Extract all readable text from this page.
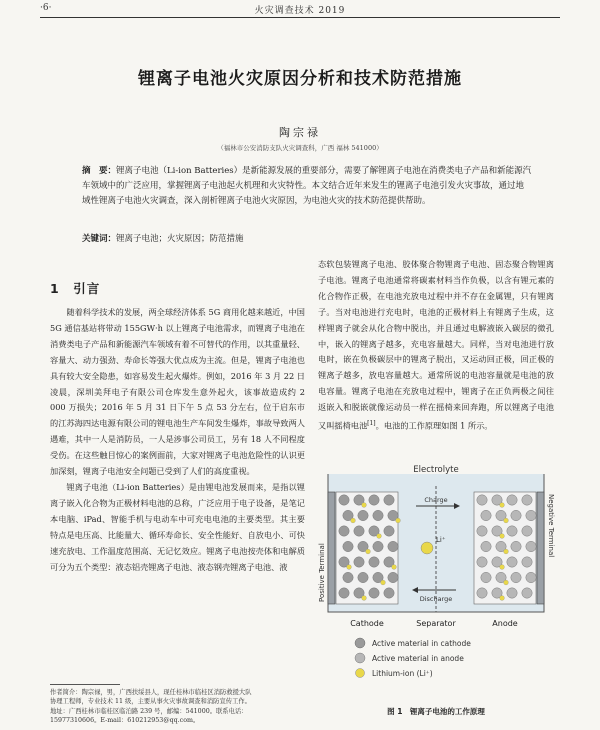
·6·	火灾调查技术 2019
锂离子电池火灾原因分析和技术防范措施
陶宗禄
（福林市公安消防支队火灾调查科，广西 福林 541000）
摘　要：锂离子电池（Li-ion Batteries）是新能源发展的重要部分，需要了解锂离子电池在消费类电子产品和新能源汽车领域中的广泛应用，掌握锂离子电池起火机理和火灾特性。本文结合近年来发生的锂离子电池引发火灾事故，通过地域性锂离子电池火灾调查，深入剖析锂离子电池火灾原因，为电池火灾的技术防范提供帮助。
关键词：锂离子电池；火灾原因；防范措施
1　引言

随着科学技术的发展，两全球经济体系 5G 商用化越来越近，中国 5G 通信基站将带动 155GW·h 以上锂离子电池需求，而锂离子电池在消费类电子产品和新能源汽车领域有着不可替代的作用，以其重量轻、容量大、动力强劲、寿命长等强大优点成为主流。但是，锂离子电池也具有较大安全隐患，如容易发生起火爆炸。例如，2016 年 3 月 22 日凌晨，深圳美拜电子有限公司仓库发生意外起火，该事故造成约 2 000 万损失；2016 年 5 月 31 日下午 5 点 53 分左右，位于启东市的江苏海四达电源有限公司的锂电池生产车间发生爆炸，事故导致两人遇难，其中一人是消防员，一人是涉事公司员工，另有 18 人不同程度受伤。在这些触目惊心的案例面前，大家对锂离子电池危险性的认识更加深刻，锂离子电池安全问题已受到了人们的高度重视。

锂离子电池（Li-ion Batteries）是由锂电池发展而来，是指以锂离子嵌入化合物为正极材料电池的总称，广泛应用于电子设备，是笔记本电脑、iPad、智能手机与电动车中可充电电池的主要类型。其主要特点是电压高、比能量大、循环寿命长、安全性能好、自放电小、可快速充放电、工作温度范围高、无记忆效应。锂离子电池按壳体和电解质可分为五个类型：液态铝壳锂离子电池、液态钢壳锂离子电池、液

态软包装锂离子电池、胶体聚合物锂离子电池、固态聚合物锂离子电池。锂离子电池通常将碳素材料当作负极，以含有锂元素的化合物作正极，在电池充放电过程中并不存在金属锂，只有锂离子。当对电池进行充电时，电池的正极材料上有锂离子生成，这样锂离子就会从化合物中脱出，并且通过电解液嵌入碳层的微孔中，嵌入的锂离子越多，充电容量越大。同样，当对电池进行放电时，嵌在负极碳层中的锂离子脱出，又运动回正极，回正极的锂离子越多，放电容量越大。通常所说的电池容量就是电池的放电容量。锂离子电池在充放电过程中，锂离子在正负两极之间往返嵌入和脱嵌就像运动员一样在摇椅来回奔跑，所以锂离子电池又叫摇椅电池[1]。电池的工作原理如图 1 所示。

作者简介：陶宗禄，男，广西扶绥县人，现任桂林市临桂区消防救援大队
协理工程师，专业技术 11 级，主要从事火灾事故调查和消防宣传工作。
地址：广西桂林市临桂区临泊路 239 号，邮编：541000。联系电话：
15977310606。E-mail：610212953@qq.com。
Electrolyte
Positive Terminal
Negative Terminal
Charge
Li⁺
Discharge
Cathode	Separator	Anode
Active material in cathode
Active material in anode
Lithium-ion (Li⁺)
图 1　锂离子电池的工作原理
